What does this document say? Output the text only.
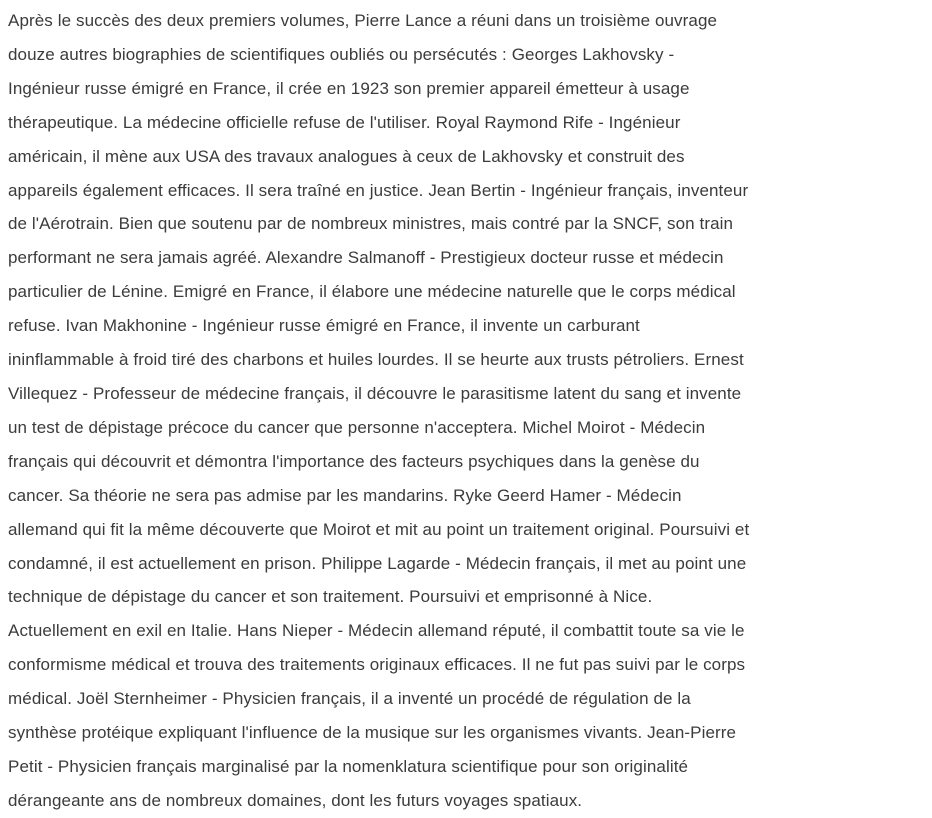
Après le succès des deux premiers volumes, Pierre Lance a réuni dans un troisième ouvrage
douze autres biographies de scientifiques oubliés ou persécutés : Georges Lakhovsky -
Ingénieur russe émigré en France, il crée en 1923 son premier appareil émetteur à usage
thérapeutique. La médecine officielle refuse de l'utiliser. Royal Raymond Rife - Ingénieur
américain, il mène aux USA des travaux analogues à ceux de Lakhovsky et construit des
appareils également efficaces. Il sera traîné en justice. Jean Bertin - Ingénieur français, inventeur
de l'Aérotrain. Bien que soutenu par de nombreux ministres, mais contré par la SNCF, son train
performant ne sera jamais agréé. Alexandre Salmanoff - Prestigieux docteur russe et médecin
particulier de Lénine. Emigré en France, il élabore une médecine naturelle que le corps médical
refuse. Ivan Makhonine - Ingénieur russe émigré en France, il invente un carburant
ininflammable à froid tiré des charbons et huiles lourdes. Il se heurte aux trusts pétroliers. Ernest
Villequez - Professeur de médecine français, il découvre le parasitisme latent du sang et invente
un test de dépistage précoce du cancer que personne n'acceptera. Michel Moirot - Médecin
français qui découvrit et démontra l'importance des facteurs psychiques dans la genèse du
cancer. Sa théorie ne sera pas admise par les mandarins. Ryke Geerd Hamer - Médecin
allemand qui fit la même découverte que Moirot et mit au point un traitement original. Poursuivi et
condamné, il est actuellement en prison. Philippe Lagarde - Médecin français, il met au point une
technique de dépistage du cancer et son traitement. Poursuivi et emprisonné à Nice.
Actuellement en exil en Italie. Hans Nieper - Médecin allemand réputé, il combattit toute sa vie le
conformisme médical et trouva des traitements originaux efficaces. Il ne fut pas suivi par le corps
médical. Joël Sternheimer - Physicien français, il a inventé un procédé de régulation de la
synthèse protéique expliquant l'influence de la musique sur les organismes vivants. Jean-Pierre
Petit - Physicien français marginalisé par la nomenklatura scientifique pour son originalité
dérangeante ans de nombreux domaines, dont les futurs voyages spatiaux.
